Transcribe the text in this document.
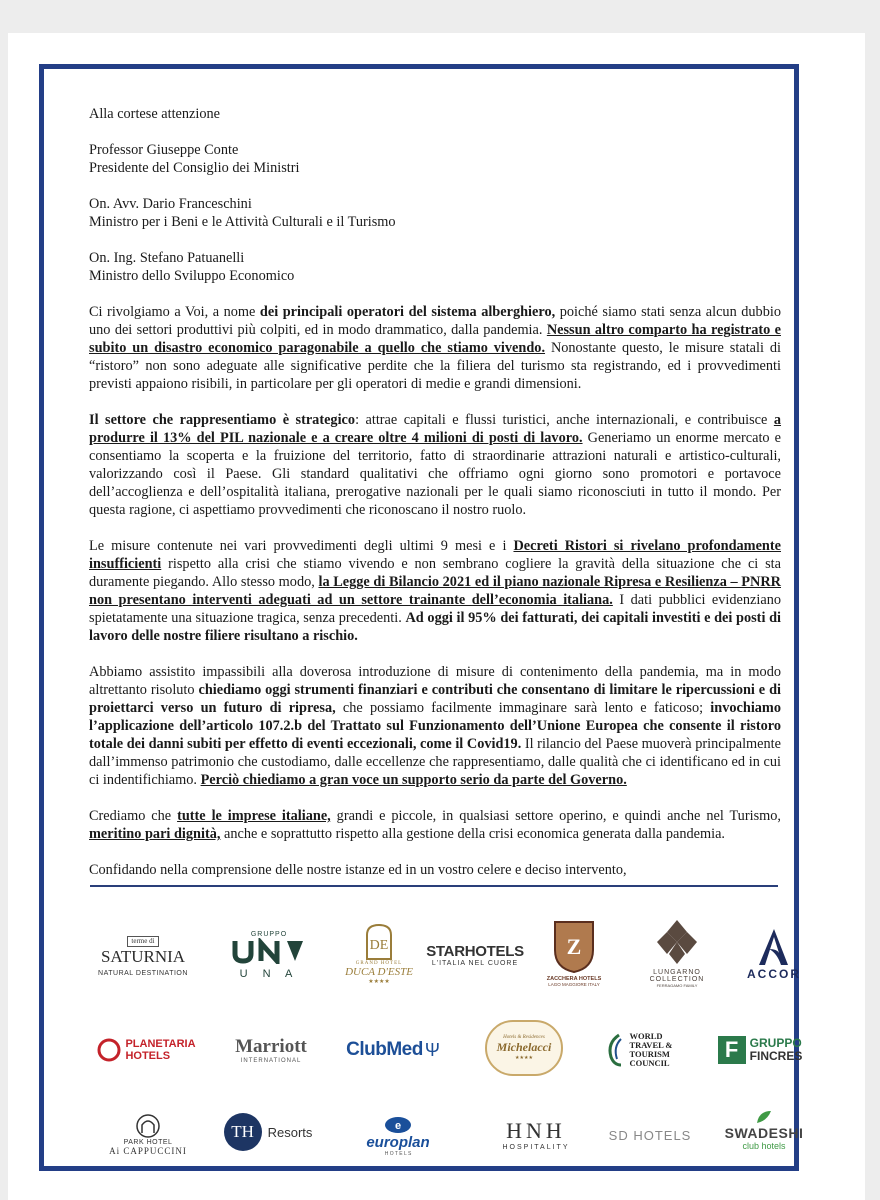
Alla cortese attenzione

Professor Giuseppe Conte
Presidente del Consiglio dei Ministri

On. Avv. Dario Franceschini
Ministro per i Beni e le Attività Culturali e il Turismo

On. Ing. Stefano Patuanelli
Ministro dello Sviluppo Economico

Ci rivolgiamo a Voi, a nome dei principali operatori del sistema alberghiero, poiché siamo stati senza alcun dubbio uno dei settori produttivi più colpiti, ed in modo drammatico, dalla pandemia. Nessun altro comparto ha registrato e subito un disastro economico paragonabile a quello che stiamo vivendo. Nonostante questo, le misure statali di “ristoro” non sono adeguate alle significative perdite che la filiera del turismo sta registrando, ed i provvedimenti previsti appaiono risibili, in particolare per gli operatori di medie e grandi dimensioni.

Il settore che rappresentiamo è strategico: attrae capitali e flussi turistici, anche internazionali, e contribuisce a produrre il 13% del PIL nazionale e a creare oltre 4 milioni di posti di lavoro. Generiamo un enorme mercato e consentiamo la scoperta e la fruizione del territorio, fatto di straordinarie attrazioni naturali e artistico-culturali, valorizzando così il Paese. Gli standard qualitativi che offriamo ogni giorno sono promotori e portavoce dell’accoglienza e dell’ospitalità italiana, prerogative nazionali per le quali siamo riconosciuti in tutto il mondo. Per questa ragione, ci aspettiamo provvedimenti che riconoscano il nostro ruolo.

Le misure contenute nei vari provvedimenti degli ultimi 9 mesi e i Decreti Ristori si rivelano profondamente insufficienti rispetto alla crisi che stiamo vivendo e non sembrano cogliere la gravità della situazione che ci sta duramente piegando. Allo stesso modo, la Legge di Bilancio 2021 ed il piano nazionale Ripresa e Resilienza – PNRR non presentano interventi adeguati ad un settore trainante dell’economia italiana. I dati pubblici evidenziano spietatamente una situazione tragica, senza precedenti. Ad oggi il 95% dei fatturati, dei capitali investiti e dei posti di lavoro delle nostre filiere risultano a rischio.

Abbiamo assistito impassibili alla doverosa introduzione di misure di contenimento della pandemia, ma in modo altrettanto risoluto chiediamo oggi strumenti finanziari e contributi che consentano di limitare le ripercussioni e di proiettarci verso un futuro di ripresa, che possiamo facilmente immaginare sarà lento e faticoso; invochiamo l’applicazione dell’articolo 107.2.b del Trattato sul Funzionamento dell’Unione Europea che consente il ristoro totale dei danni subiti per effetto di eventi eccezionali, come il Covid19. Il rilancio del Paese muoverà principalmente dall’immenso patrimonio che custodiamo, dalle eccellenze che rappresentiamo, dalle qualità che ci identificano ed in cui ci indentifichiamo. Perciò chiediamo a gran voce un supporto serio da parte del Governo.

Crediamo che tutte le imprese italiane, grandi e piccole, in qualsiasi settore operino, e quindi anche nel Turismo, meritino pari dignità, anche e soprattutto rispetto alla gestione della crisi economica generata dalla pandemia.

Confidando nella comprensione delle nostre istanze ed in un vostro celere e deciso intervento,

terme di
SATURNIA
NATURAL DESTINATION
GRUPPO
U N A
DE
GRAND HOTEL
DUCA D'ESTE
★★★★
STARHOTELS
L'ITALIA NEL CUORE
Z
ZACCHERA HOTELS
LAGO MAGGIORE ITALY
LUNGARNO
COLLECTION
FERRAGAMO FAMILY
ACCOR
PLANETARIA
HOTELS	Marriott
INTERNATIONAL
ClubMed Ψ
Hotels & Residences
Michelacci
★★★★
WORLD
TRAVEL &
TOURISM
COUNCIL
F GRUPPO
FINCRES
PARK HOTEL
Ai CAPPUCCINI
TH	Resorts	e
europlan
H O T E L S
HNH
HOSPITALITY
SD HOTELS SWADESHI
club hotels
